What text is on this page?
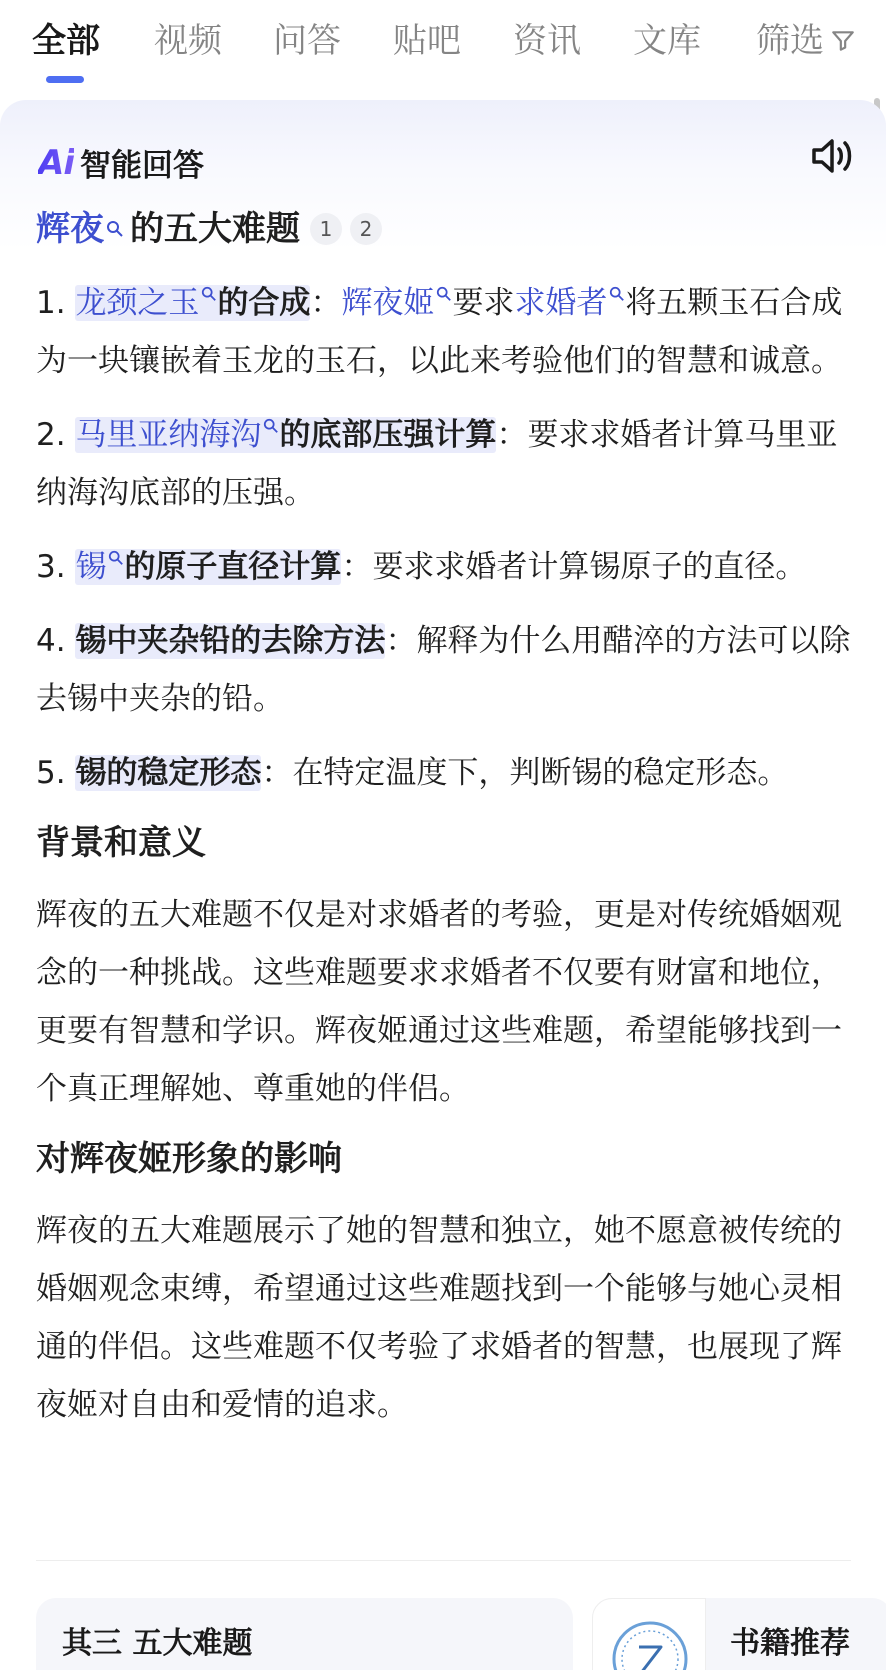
全部 视频 问答 贴吧 资讯 文库 筛选
Ai 智能回答
辉夜 的五大难题 1	2
1. 龙颈之玉 的合成：辉夜姬 要求求婚者 将五颗玉石合成为一块镶嵌着玉龙的玉石，以此来考验他们的智慧和诚意。
2. 马里亚纳海沟 的底部压强计算：要求求婚者计算马里亚纳海沟底部的压强。
3. 锡 的原子直径计算：要求求婚者计算锡原子的直径。
4. 锡中夹杂铅的去除方法：解释为什么用醋淬的方法可以除去锡中夹杂的铅。
5. 锡的稳定形态：在特定温度下，判断锡的稳定形态。
背景和意义
辉夜的五大难题不仅是对求婚者的考验，更是对传统婚姻观念的一种挑战。这些难题要求求婚者不仅要有财富和地位，更要有智慧和学识。辉夜姬通过这些难题，希望能够找到一个真正理解她、尊重她的伴侣。
对辉夜姬形象的影响
辉夜的五大难题展示了她的智慧和独立，她不愿意被传统的婚姻观念束缚，希望通过这些难题找到一个能够与她心灵相通的伴侣。这些难题不仅考验了求婚者的智慧，也展现了辉夜姬对自由和爱情的追求。
其三 五大难题	书籍推荐
